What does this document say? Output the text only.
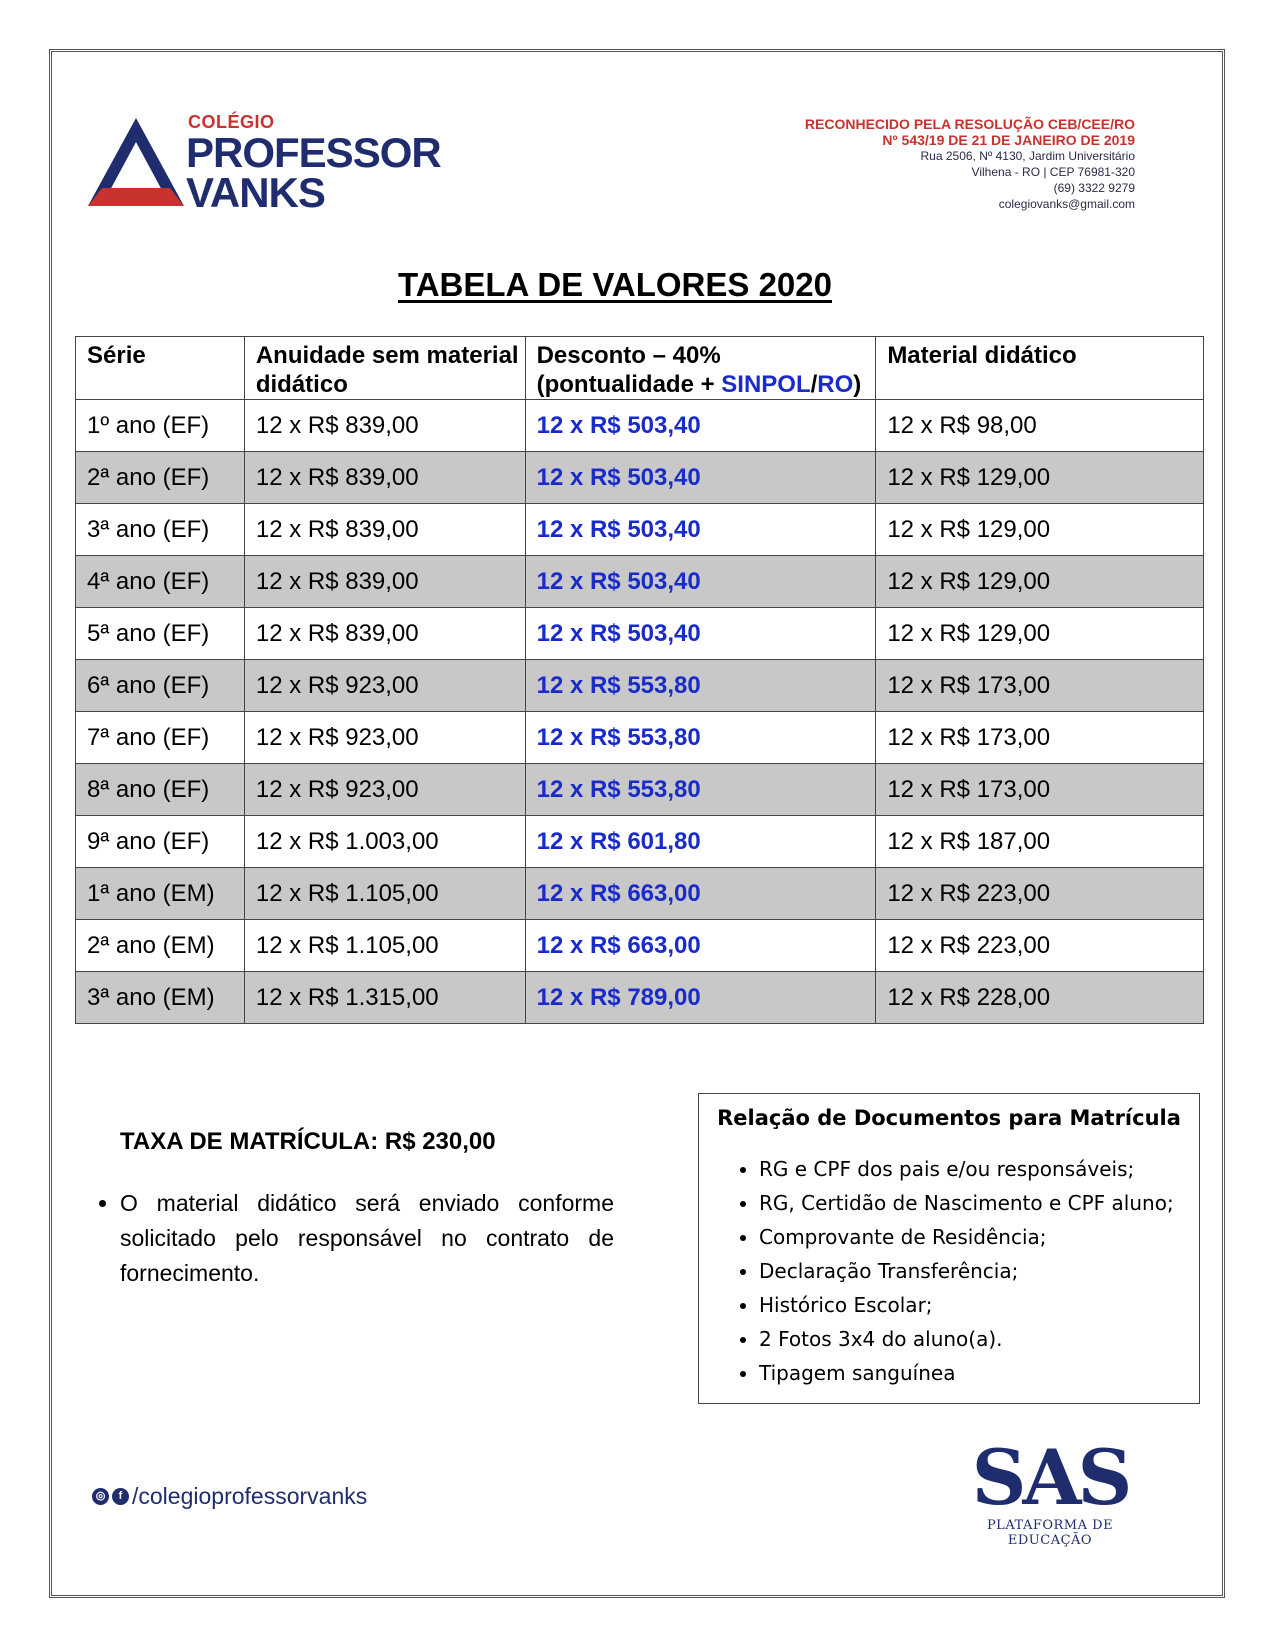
COLÉGIO
PROFESSOR
VANKS
RECONHECIDO PELA RESOLUÇÃO CEB/CEE/RO
Nº 543/19 DE 21 DE JANEIRO DE 2019
Rua 2506, Nº 4130, Jardim Universitário
Vilhena - RO | CEP 76981-320
(69) 3322 9279
colegiovanks@gmail.com
TABELA DE VALORES 2020
Série	Anuidade sem material didático	Desconto – 40%
(pontualidade + SINPOL/RO)	Material didático
1º ano (EF)	12 x R$ 839,00	12 x R$ 503,40	12 x R$ 98,00
2ª ano (EF)	12 x R$ 839,00	12 x R$ 503,40	12 x R$ 129,00
3ª ano (EF)	12 x R$ 839,00	12 x R$ 503,40	12 x R$ 129,00
4ª ano (EF)	12 x R$ 839,00	12 x R$ 503,40	12 x R$ 129,00
5ª ano (EF)	12 x R$ 839,00	12 x R$ 503,40	12 x R$ 129,00
6ª ano (EF)	12 x R$ 923,00	12 x R$ 553,80	12 x R$ 173,00
7ª ano (EF)	12 x R$ 923,00	12 x R$ 553,80	12 x R$ 173,00
8ª ano (EF)	12 x R$ 923,00	12 x R$ 553,80	12 x R$ 173,00
9ª ano (EF)	12 x R$ 1.003,00	12 x R$ 601,80	12 x R$ 187,00
1ª ano (EM)	12 x R$ 1.105,00	12 x R$ 663,00	12 x R$ 223,00
2ª ano (EM)	12 x R$ 1.105,00	12 x R$ 663,00	12 x R$ 223,00
3ª ano (EM)	12 x R$ 1.315,00	12 x R$ 789,00	12 x R$ 228,00
TAXA DE MATRÍCULA: R$ 230,00
• O material didático será enviado conforme solicitado pelo responsável no contrato de fornecimento.
Relação de Documentos para Matrícula
• RG e CPF dos pais e/ou responsáveis;
• RG, Certidão de Nascimento e CPF aluno;
• Comprovante de Residência;
• Declaração Transferência;
• Histórico Escolar;
• 2 Fotos 3x4 do aluno(a).
• Tipagem sanguínea
◎	f /colegioprofessorvanks	SAS
PLATAFORMA DE EDUCAÇÃO
